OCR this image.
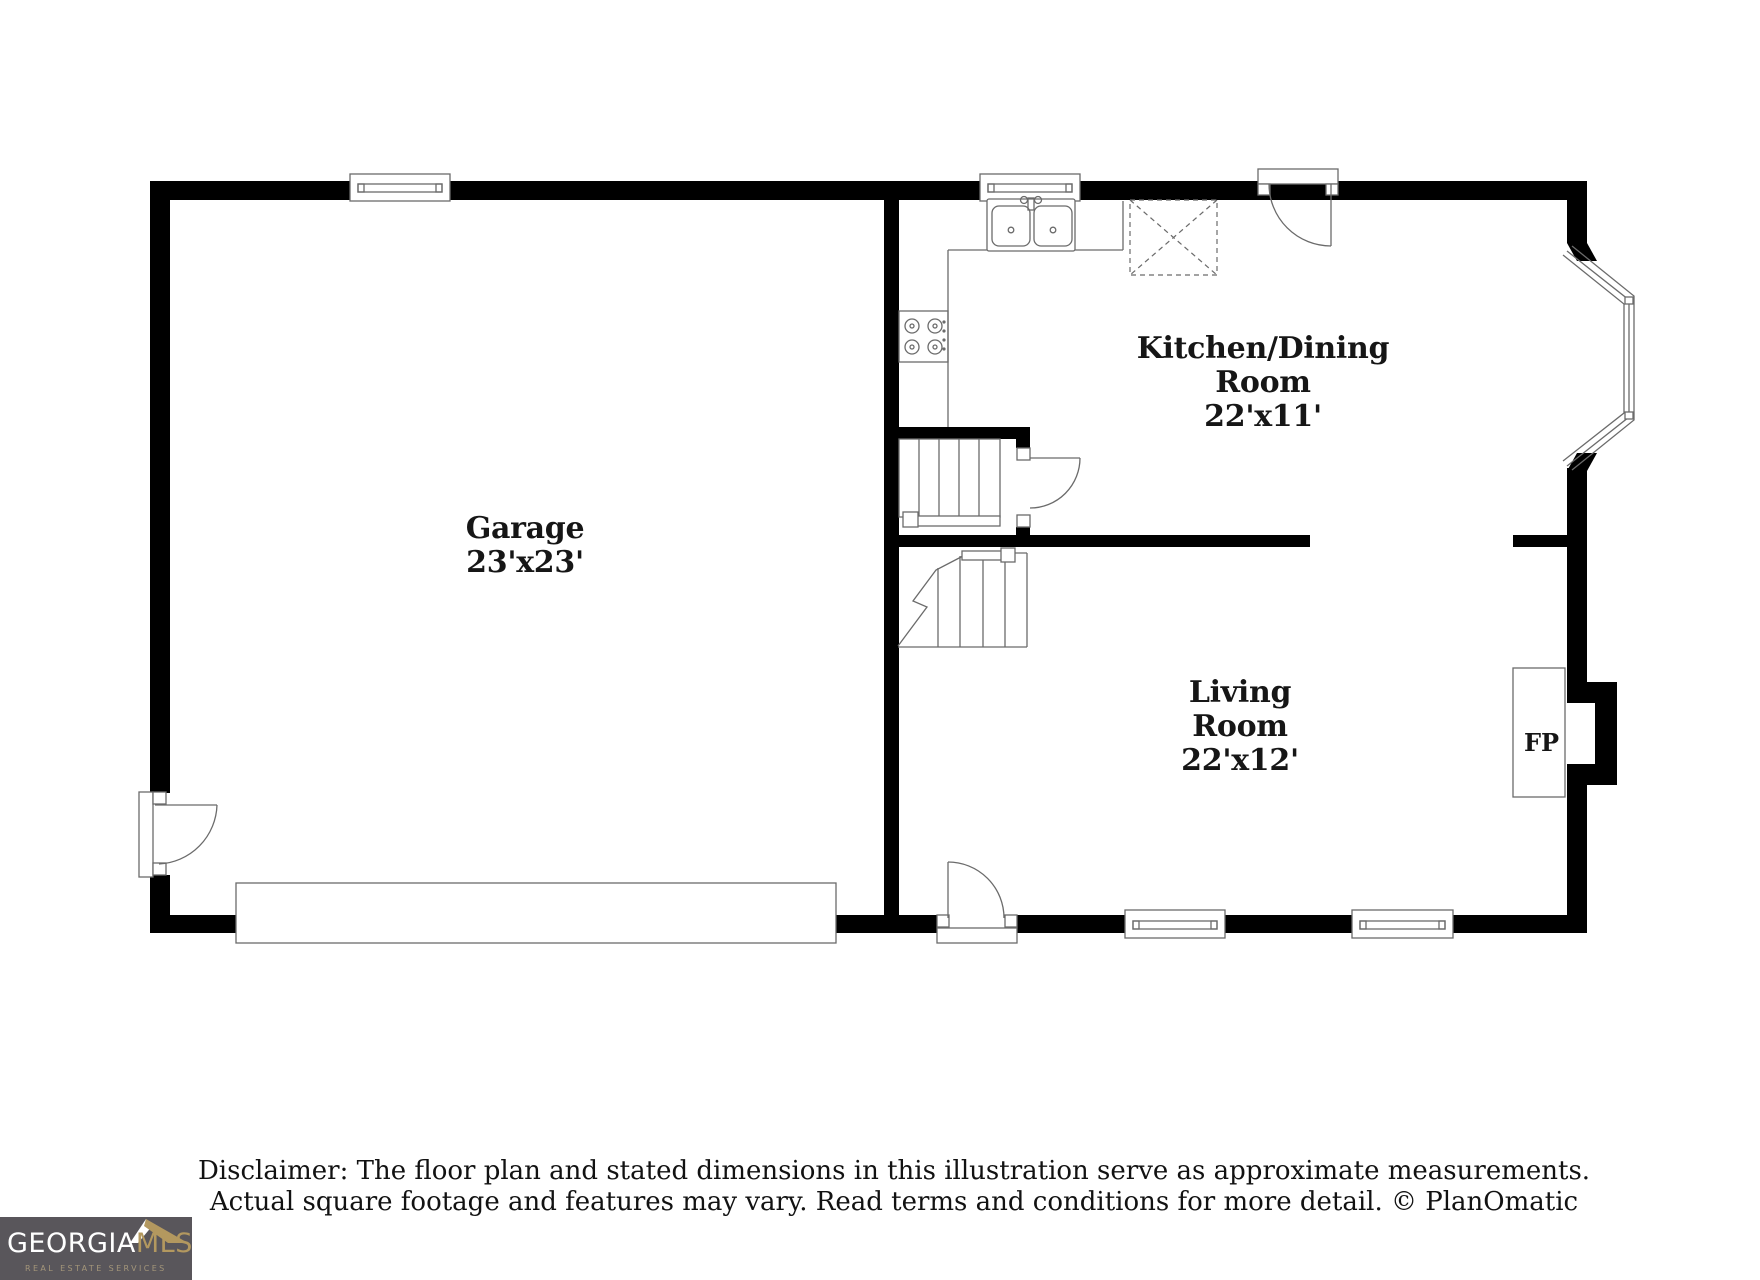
Garage
23'x23'
Kitchen/Dining
Room
22'x11'
Living
Room
22'x12'
FP
Disclaimer: The floor plan and stated dimensions in this illustration serve as approximate measurements.
Actual square footage and features may vary. Read terms and conditions for more detail. © PlanOmatic
GEORGIAMLS
REAL ESTATE SERVICES
